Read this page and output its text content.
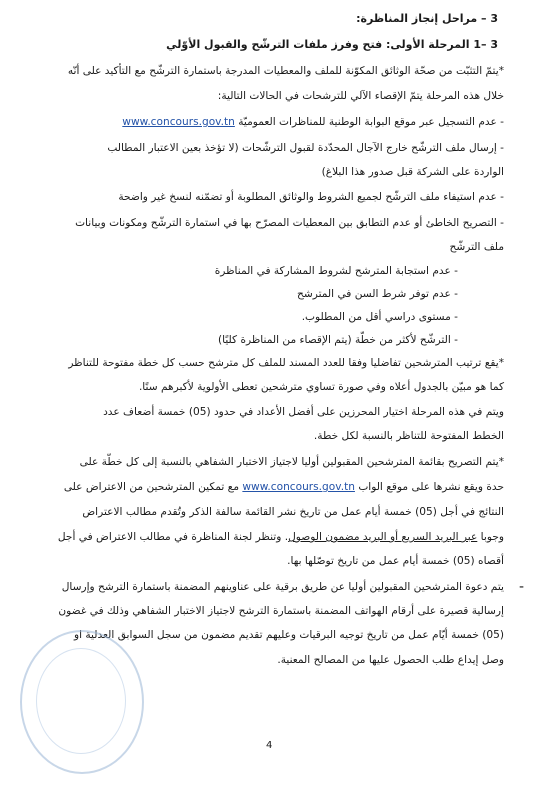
3 – مراحل إنجاز المناظرة:
3 –1 المرحلة الأولى: فتح وفرز ملفات الترشّح والقبول الأوّلي
*يتمّ التثبّت من صحّة الوثائق المكوّنة للملف والمعطيات المدرجة باستمارة الترشّح مع التأكيد على أنّه
خلال هذه المرحلة يتمّ الإقصاء الآلي للترشحات في الحالات التالية:
- عدم التسجيل عبر موقع البوابة الوطنية للمناظرات العموميّة www.concours.gov.tn
- إرسال ملف الترشّح خارج الآجال المحدّدة لقبول الترشّحات (لا تؤخذ بعين الاعتبار المطالب
الواردة على الشركة قبل صدور هذا البلاغ)
- عدم استيفاء ملف الترشّح لجميع الشروط والوثائق المطلوبة أو تضمّنه لنسخ غير واضحة
- التصريح الخاطئ أو عدم التطابق بين المعطيات المصرّح بها في استمارة الترشّح ومكونات وبيانات
ملف الترشّح
- عدم استجابة المترشح لشروط المشاركة في المناظرة
- عدم توفر شرط السن في المترشح
- مستوى دراسي أقل من المطلوب.
- الترشّح لأكثر من خطّة (يتم الإقصاء من المناظرة كليًا)
*يقع ترتيب المترشحين تفاضليا وفقا للعدد المسند للملف كل مترشح حسب كل خطة مفتوحة للتناظر
كما هو مبيّن بالجدول أعلاه وفي صورة تساوي مترشحين تعطى الأولوية لأكبرهم سنًا.
ويتم في هذه المرحلة اختيار المحرزين على أفضل الأعداد في حدود (05) خمسة أضعاف عدد
الخطط المفتوحة للتناظر بالنسبة لكل خطة.
*يتم التصريح بقائمة المترشحين المقبولين أوليا لاجتياز الاختبار الشفاهي بالنسبة إلى كل خطّة على
حدة ويقع نشرها على موقع الواب www.concours.gov.tn مع تمكين المترشحين من الاعتراض على
النتائج في أجل (05) خمسة أيام عمل من تاريخ نشر القائمة سالفة الذكر وتُقدم مطالب الاعتراض
وجوبا عبر البريد السريع أو البريد مضمون الوصول. وتنظر لجنة المناظرة في مطالب الاعتراض في أجل
أقصاه (05) خمسة أيام عمل من تاريخ توصّلها بها.
-
يتم دعوة المترشحين المقبولين أوليا عن طريق برقية على عناوينهم المضمنة باستمارة الترشح وإرسال
إرسالية قصيرة على أرقام الهواتف المضمنة باستمارة الترشح لاجتياز الاختبار الشفاهي وذلك في غضون
(05) خمسة أيّام عمل من تاريخ توجيه البرقيات وعليهم تقديم مضمون من سجل السوابق العدلية او
وصل إيداع طلب الحصول عليها من المصالح المعنية.
4
